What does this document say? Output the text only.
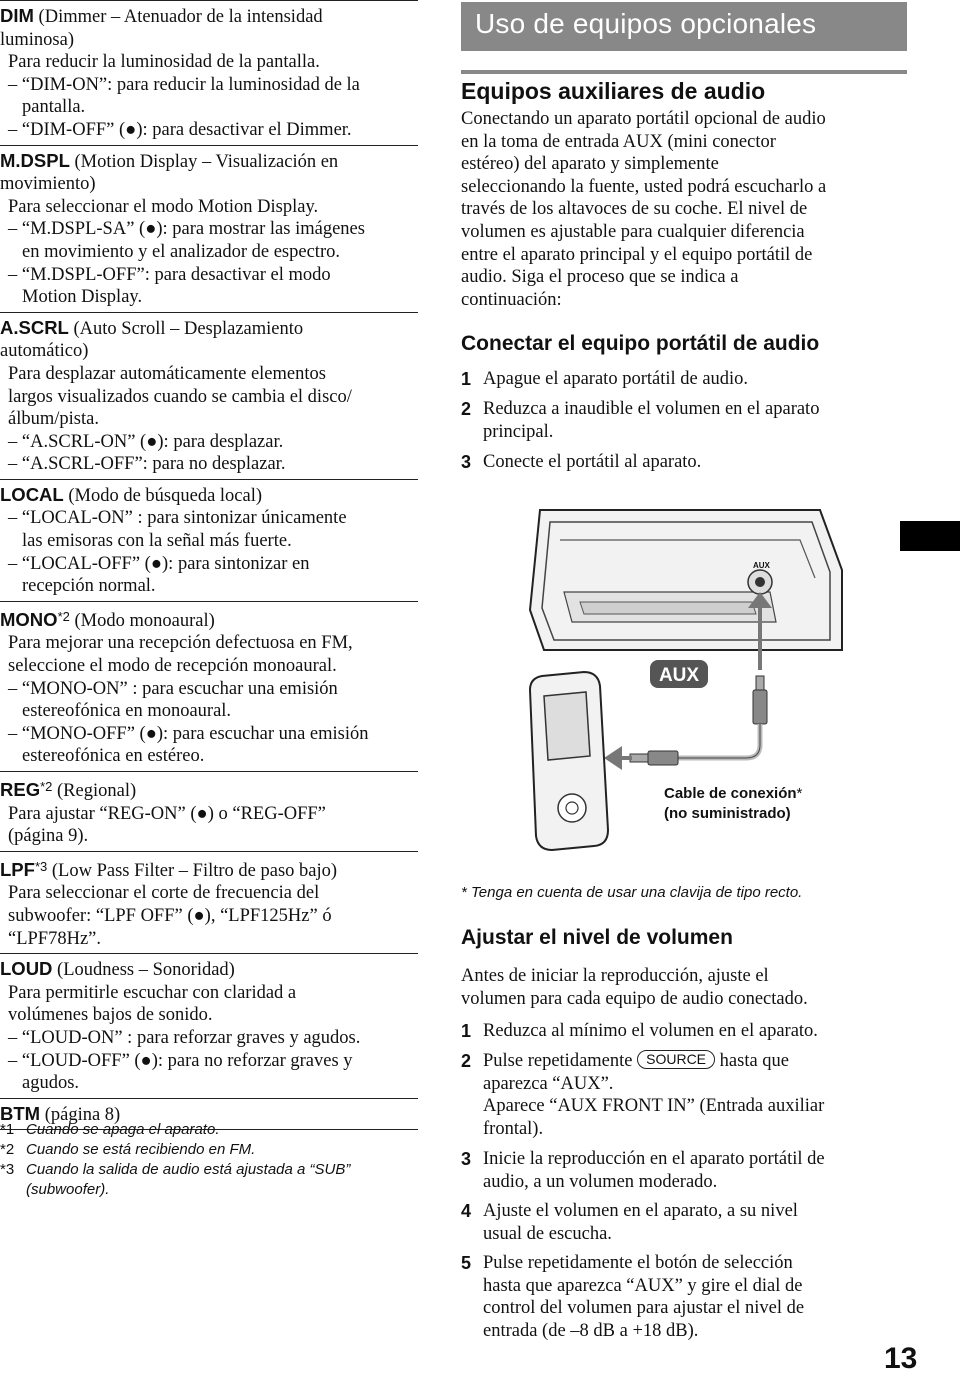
DIM (Dimmer – Atenuador de la intensidad
luminosa)
Para reducir la luminosidad de la pantalla.
– “DIM-ON”: para reducir la luminosidad de la
pantalla.
– “DIM-OFF” (●): para desactivar el Dimmer.
M.DSPL (Motion Display – Visualización en
movimiento)
Para seleccionar el modo Motion Display.
– “M.DSPL-SA” (●): para mostrar las imágenes
en movimiento y el analizador de espectro.
– “M.DSPL-OFF”: para desactivar el modo
Motion Display.
A.SCRL (Auto Scroll – Desplazamiento
automático)
Para desplazar automáticamente elementos
largos visualizados cuando se cambia el disco/
álbum/pista.
– “A.SCRL-ON” (●): para desplazar.
– “A.SCRL-OFF”: para no desplazar.
LOCAL (Modo de búsqueda local)
– “LOCAL-ON” : para sintonizar únicamente
las emisoras con la señal más fuerte.
– “LOCAL-OFF” (●): para sintonizar en
recepción normal.
MONO$^{*2}$ (Modo monoaural)
Para mejorar una recepción defectuosa en FM,
seleccione el modo de recepción monoaural.
– “MONO-ON” : para escuchar una emisión
estereofónica en monoaural.
– “MONO-OFF” (●): para escuchar una emisión
estereofónica en estéreo.
REG$^{*2}$ (Regional)
Para ajustar “REG-ON” (●) o “REG-OFF”
(página 9).
LPF$^{*3}$ (Low Pass Filter – Filtro de paso bajo)
Para seleccionar el corte de frecuencia del
subwoofer: “LPF OFF” (●), “LPF125Hz” ó
“LPF78Hz”.
LOUD (Loudness – Sonoridad)
Para permitirle escuchar con claridad a
volúmenes bajos de sonido.
– “LOUD-ON” : para reforzar graves y agudos.
– “LOUD-OFF” (●): para no reforzar graves y
agudos.
BTM (página 8)
*1 Cuando se apaga el aparato.
*2 Cuando se está recibiendo en FM.
*3 Cuando la salida de audio está ajustada a “SUB”
(subwoofer).
Uso de equipos opcionales
Equipos auxiliares de audio
Conectando un aparato portátil opcional de audio
en la toma de entrada AUX (mini conector
estéreo) del aparato y simplemente
seleccionando la fuente, usted podrá escucharlo a
través de los altavoces de su coche. El nivel de
volumen es ajustable para cualquier diferencia
entre el aparato principal y el equipo portátil de
audio. Siga el proceso que se indica a
continuación:
Conectar el equipo portátil de audio
1 Apague el aparato portátil de audio.
2 Reduzca a inaudible el volumen en el aparato
principal.
3 Conecte el portátil al aparato.
AUX
AUX
Cable de conexión*
(no suministrado)
* Tenga en cuenta de usar una clavija de tipo recto.
Ajustar el nivel de volumen
Antes de iniciar la reproducción, ajuste el
volumen para cada equipo de audio conectado.
1 Reduzca al mínimo el volumen en el aparato.
2 Pulse repetidamente SOURCE hasta que
aparezca “AUX”.
Aparece “AUX FRONT IN” (Entrada auxiliar
frontal).
3 Inicie la reproducción en el aparato portátil de
audio, a un volumen moderado.
4 Ajuste el volumen en el aparato, a su nivel
usual de escucha.
5 Pulse repetidamente el botón de selección
hasta que aparezca “AUX” y gire el dial de
control del volumen para ajustar el nivel de
entrada (de –8 dB a +18 dB).
13
